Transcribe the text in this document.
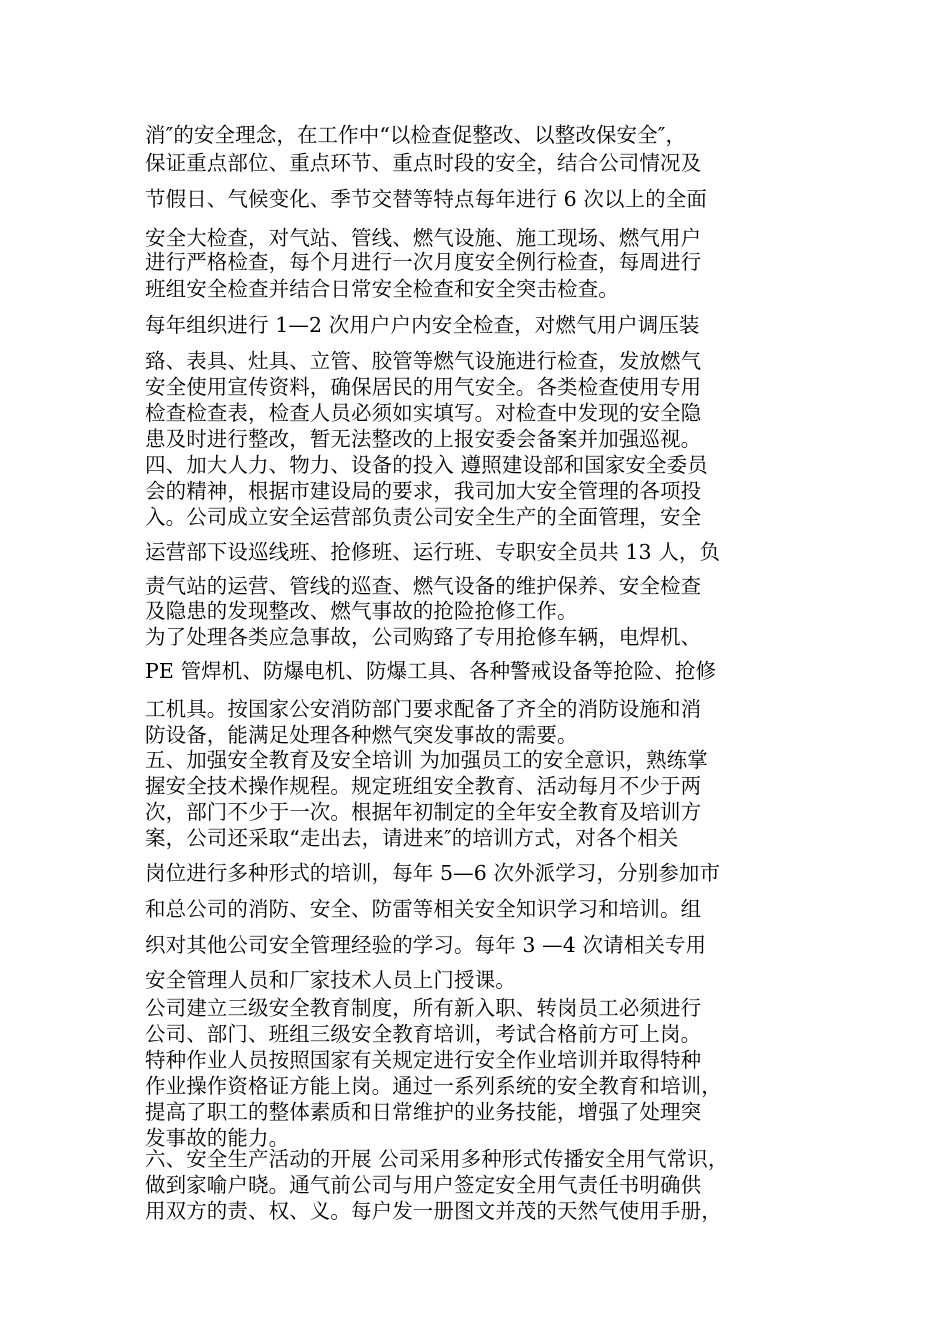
消″的安全理念，在工作中“以检查促整改、以整改保安全″，
保证重点部位、重点环节、重点时段的安全，结合公司情况及
节假日、气候变化、季节交替等特点每年进行 6 次以上的全面
安全大检查，对气站、管线、燃气设施、施工现场、燃气用户
进行严格检查，每个月进行一次月度安全例行检查，每周进行
班组安全检查并结合日常安全检查和安全突击检查。
每年组织进行 1—2 次用户户内安全检查，对燃气用户调压装
臵、表具、灶具、立管、胶管等燃气设施进行检查，发放燃气
安全使用宣传资料，确保居民的用气安全。各类检查使用专用
检查检查表，检查人员必须如实填写。对检查中发现的安全隐
患及时进行整改，暂无法整改的上报安委会备案并加强巡视。
四、加大人力、物力、设备的投入 遵照建设部和国家安全委员
会的精神，根据市建设局的要求，我司加大安全管理的各项投
入。公司成立安全运营部负责公司安全生产的全面管理，安全
运营部下设巡线班、抢修班、运行班、专职安全员共 13 人，负
责气站的运营、管线的巡查、燃气设备的维护保养、安全检查
及隐患的发现整改、燃气事故的抢险抢修工作。
为了处理各类应急事故，公司购臵了专用抢修车辆，电焊机、
PE 管焊机、防爆电机、防爆工具、各种警戒设备等抢险、抢修
工机具。按国家公安消防部门要求配备了齐全的消防设施和消
防设备，能满足处理各种燃气突发事故的需要。
五、加强安全教育及安全培训 为加强员工的安全意识，熟练掌
握安全技术操作规程。规定班组安全教育、活动每月不少于两
次，部门不少于一次。根据年初制定的全年安全教育及培训方
案，公司还采取“走出去，请进来″的培训方式，对各个相关
岗位进行多种形式的培训，每年 5—6 次外派学习，分别参加市
和总公司的消防、安全、防雷等相关安全知识学习和培训。组
织对其他公司安全管理经验的学习。每年 3 —4 次请相关专用
安全管理人员和厂家技术人员上门授课。
公司建立三级安全教育制度，所有新入职、转岗员工必须进行
公司、部门、班组三级安全教育培训，考试合格前方可上岗。
特种作业人员按照国家有关规定进行安全作业培训并取得特种
作业操作资格证方能上岗。通过一系列系统的安全教育和培训，
提高了职工的整体素质和日常维护的业务技能，增强了处理突
发事故的能力。
六、安全生产活动的开展 公司采用多种形式传播安全用气常识，
做到家喻户晓。通气前公司与用户签定安全用气责任书明确供
用双方的责、权、义。每户发一册图文并茂的天然气使用手册，
